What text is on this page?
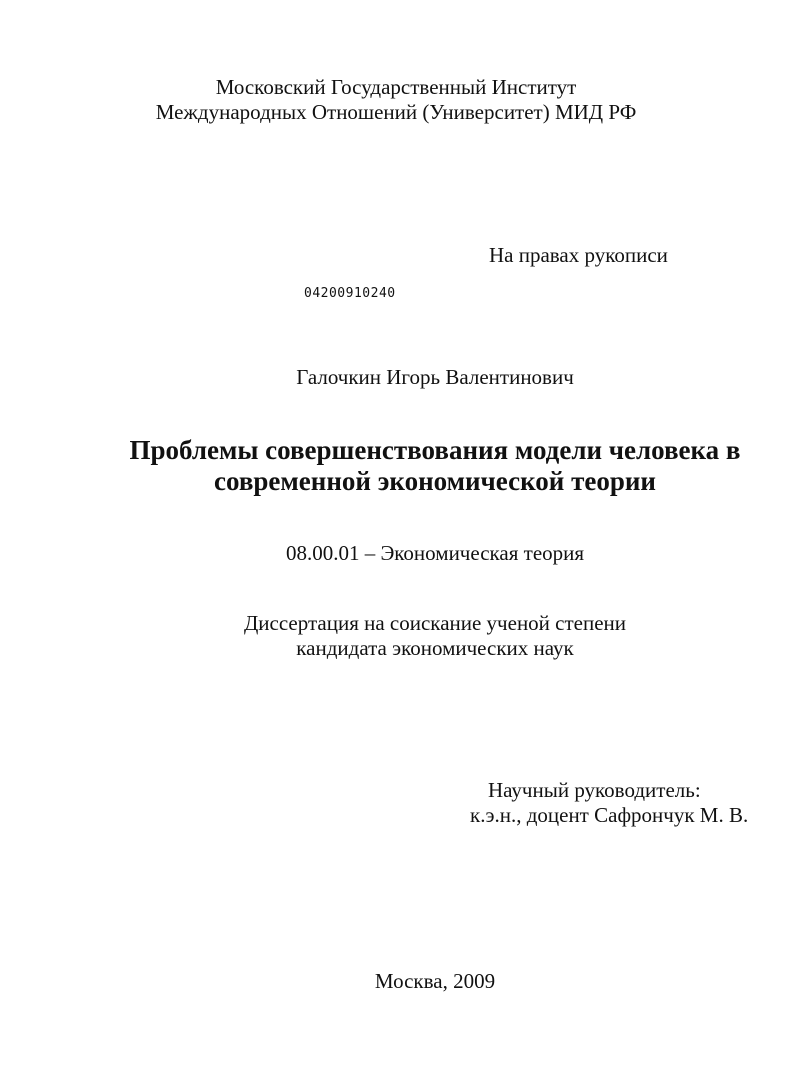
Московский Государственный Институт
Международных Отношений (Университет) МИД РФ
На правах рукописи
04200910240
Галочкин Игорь Валентинович
Проблемы совершенствования модели человека в
современной экономической теории
08.00.01 – Экономическая теория
Диссертация на соискание ученой степени
кандидата экономических наук
Научный руководитель:
к.э.н., доцент Сафрончук М. В.
Москва, 2009
